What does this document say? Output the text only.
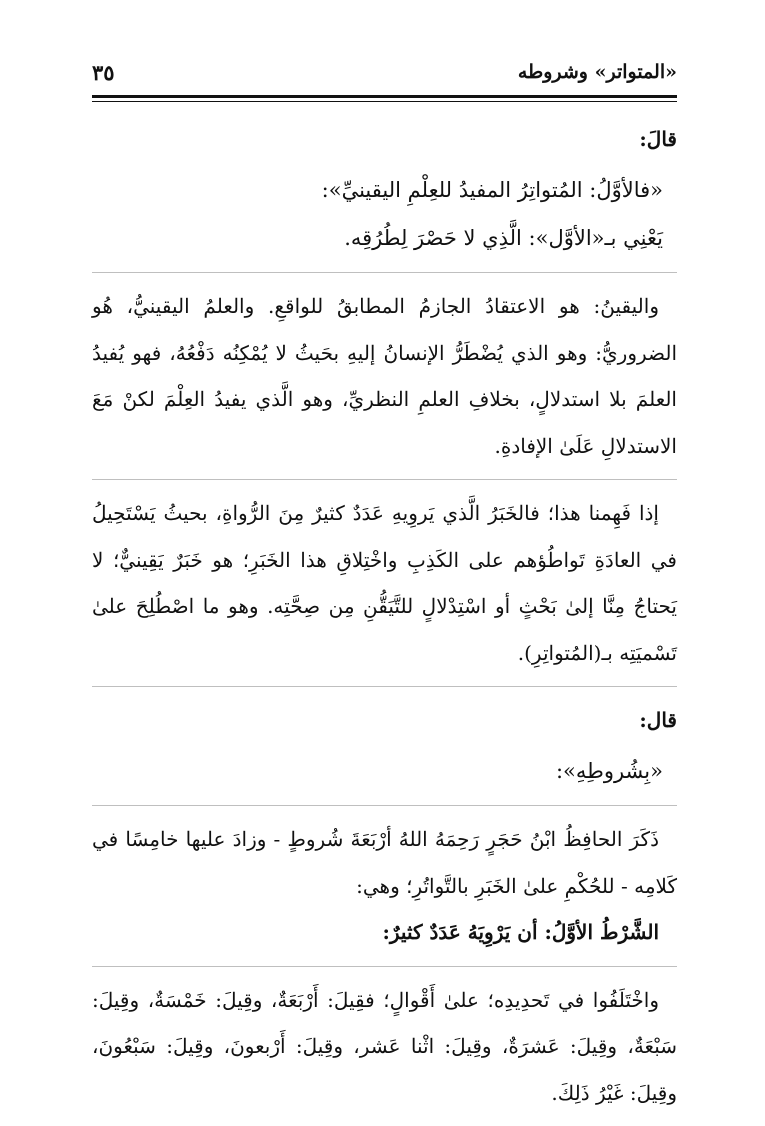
٣٥	«المتواتر» وشروطه

قالَ:

«فالأوَّلُ: المُتواتِرُ المفيدُ للعِلْمِ اليقينيِّ»:

يَعْنِي بـ«الأوَّل»: الَّذِي لا حَصْرَ لِطُرُقِه.

واليقينُ: هو الاعتقادُ الجازمُ المطابقُ للواقعِ. والعلمُ اليقينيُّ، هُو الضروريُّ: وهو الذي يُضْطَرُّ الإنسانُ إليهِ بحَيثُ لا يُمْكِنُه دَفْعُهُ، فهو يُفيدُ العلمَ بلا استدلالٍ، بخلافِ العلمِ النظريِّ، وهو الَّذي يفيدُ العِلْمَ لكنْ مَعَ الاستدلالِ عَلَىٰ الإفادةِ.

إذا فَهِمنا هذا؛ فالخَبَرُ الَّذي يَروِيهِ عَدَدٌ كثيرٌ مِنَ الرُّواةِ، بحيثُ يَسْتَحِيلُ في العادَةِ تَواطُؤهم على الكَذِبِ واخْتِلاقِ هذا الخَبَرِ؛ هو خَبَرٌ يَقِينيٌّ؛ لا يَحتاجُ مِنَّا إلىٰ بَحْثٍ أو اسْتِدْلالٍ للتَّيَقُّنِ مِن صِحَّتِه. وهو ما اصْطُلِحَ علىٰ تَسْميَتِه بـ(المُتواتِرِ).

قال:

«بِشُروطِهِ»:

ذَكَرَ الحافِظُ ابْنُ حَجَرٍ رَحِمَهُ اللهُ أرْبَعَةَ شُروطٍ - وزادَ عليها خامِسًا في كَلامِه - للحُكْمِ علىٰ الخَبَرِ بالتَّواتُرِ؛ وهي:

الشَّرْطُ الأوَّلُ: أن يَرْوِيَهُ عَدَدٌ كثيرٌ:

واخْتَلَفُوا في تَحدِيدِه؛ علىٰ أَقْوالٍ؛ فقِيلَ: أَرْبَعَةٌ، وقِيلَ: خَمْسَةٌ، وقِيلَ: سَبْعَةٌ، وقِيلَ: عَشرَةٌ، وقِيلَ: اثْنا عَشر، وقِيلَ: أَرْبعونَ، وقِيلَ: سَبْعُونَ، وقِيلَ: غَيْرُ ذَلِكَ.
